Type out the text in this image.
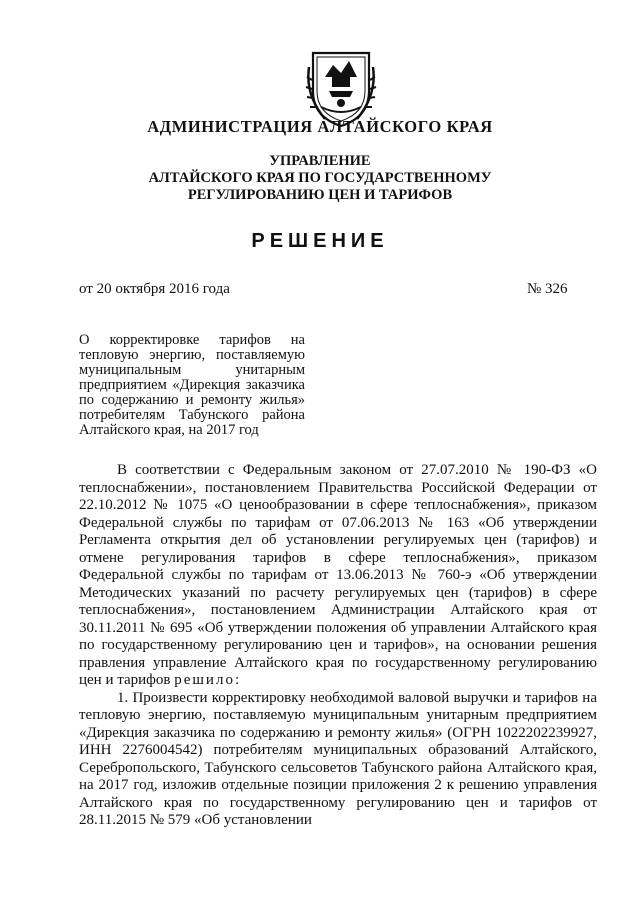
АДМИНИСТРАЦИЯ АЛТАЙСКОГО КРАЯ
УПРАВЛЕНИЕ
АЛТАЙСКОГО КРАЯ ПО ГОСУДАРСТВЕННОМУ
РЕГУЛИРОВАНИЮ ЦЕН И ТАРИФОВ
РЕШЕНИЕ
от 20 октября 2016 года	№ 326
О корректировке тарифов на тепловую энергию, поставляемую муниципальным унитарным предприятием «Дирекция заказчика по содержанию и ремонту жилья» потребителям Табунского района Алтайского края, на 2017 год

В соответствии с Федеральным законом от 27.07.2010 № 190-ФЗ «О теплоснабжении», постановлением Правительства Российской Федерации от 22.10.2012 № 1075 «О ценообразовании в сфере теплоснабжения», приказом Федеральной службы по тарифам от 07.06.2013 № 163 «Об утверждении Регламента открытия дел об установлении регулируемых цен (тарифов) и отмене регулирования тарифов в сфере теплоснабжения», приказом Федеральной службы по тарифам от 13.06.2013 № 760-э «Об утверждении Методических указаний по расчету регулируемых цен (тарифов) в сфере теплоснабжения», постановлением Администрации Алтайского края от 30.11.2011 № 695 «Об утверждении положения об управлении Алтайского края по государственному регулированию цен и тарифов», на основании решения правления управление Алтайского края по государственному регулированию цен и тарифов решило:

1. Произвести корректировку необходимой валовой выручки и тарифов на тепловую энергию, поставляемую муниципальным унитарным предприятием «Дирекция заказчика по содержанию и ремонту жилья» (ОГРН 1022202239927, ИНН 2276004542) потребителям муниципальных образований Алтайского, Серебропольского, Табунского сельсоветов Табунского района Алтайского края, на 2017 год, изложив отдельные позиции приложения 2 к решению управления Алтайского края по государственному регулированию цен и тарифов от 28.11.2015 № 579 «Об установлении
